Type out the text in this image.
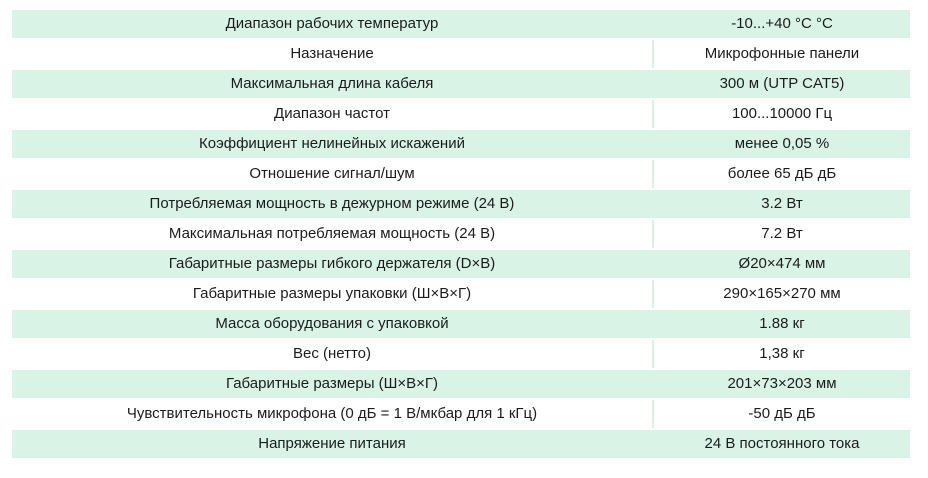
Диапазон рабочих температур	-10...+40 °С °С
Назначение	Микрофонные панели
Максимальная длина кабеля	300 м (UTP CAT5)
Диапазон частот	100...10000 Гц
Коэффициент нелинейных искажений	менее 0,05 %
Отношение сигнал/шум	более 65 дБ дБ
Потребляемая мощность в дежурном режиме (24 В)	3.2 Вт
Максимальная потребляемая мощность (24 В)	7.2 Вт
Габаритные размеры гибкого держателя (D×В)	Ø20×474 мм
Габаритные размеры упаковки (Ш×В×Г)	290×165×270 мм
Масса оборудования с упаковкой	1.88 кг
Вес (нетто)	1,38 кг
Габаритные размеры (Ш×В×Г)	201×73×203 мм
Чувствительность микрофона (0 дБ = 1 В/мкбар для 1 кГц)	-50 дБ дБ
Напряжение питания	24 В постоянного тока
